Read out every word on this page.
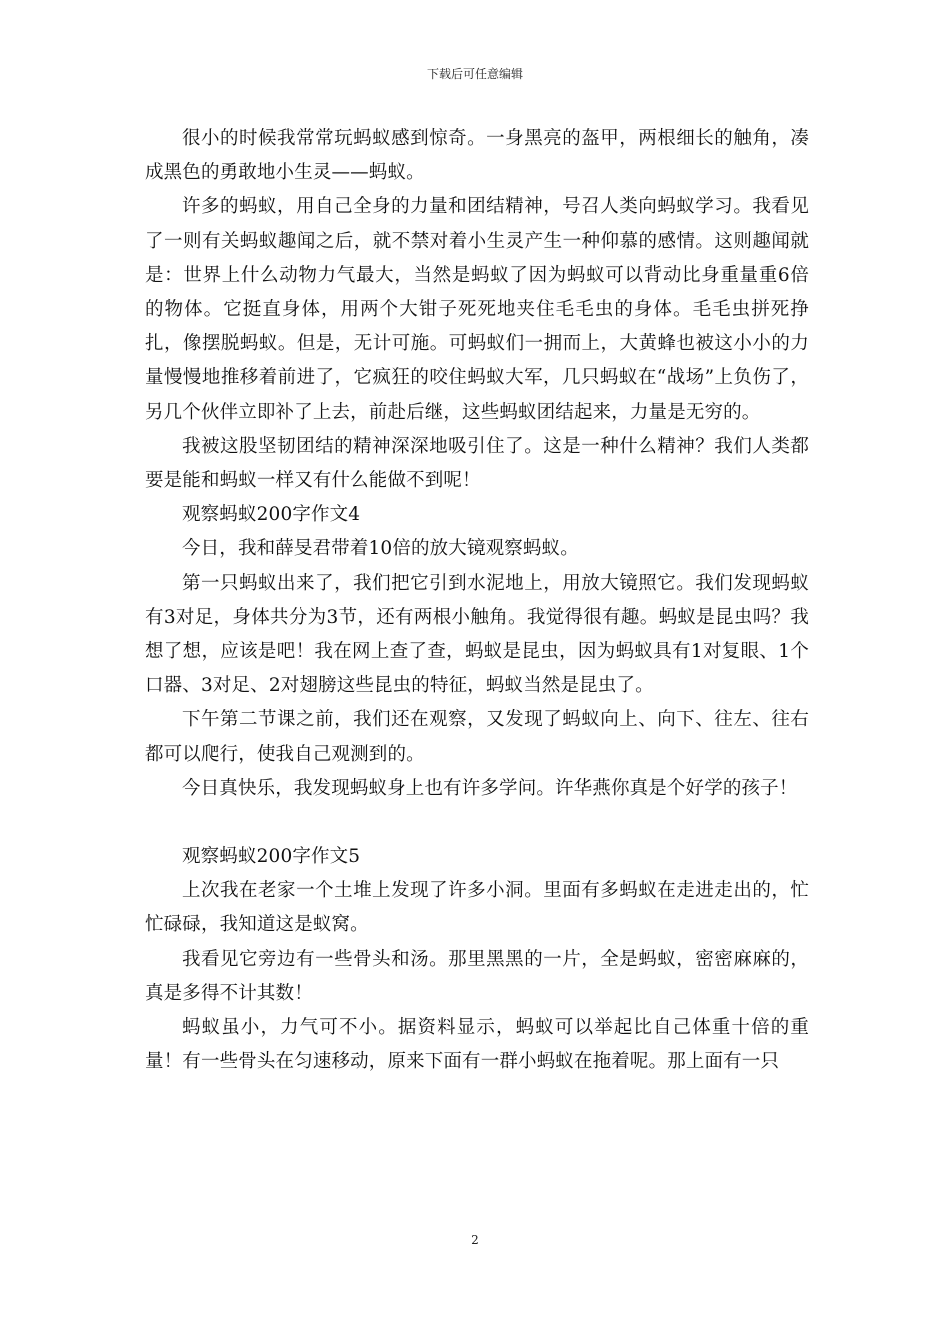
下载后可任意编辑

很小的时候我常常玩蚂蚁感到惊奇。一身黑亮的盔甲，两根细长的触角，凑成黑色的勇敢地小生灵——蚂蚁。

许多的蚂蚁，用自己全身的力量和团结精神，号召人类向蚂蚁学习。我看见了一则有关蚂蚁趣闻之后，就不禁对着小生灵产生一种仰慕的感情。这则趣闻就是：世界上什么动物力气最大，当然是蚂蚁了因为蚂蚁可以背动比身重量重6倍的物体。它挺直身体，用两个大钳子死死地夹住毛毛虫的身体。毛毛虫拼死挣扎，像摆脱蚂蚁。但是，无计可施。可蚂蚁们一拥而上，大黄蜂也被这小小的力量慢慢地推移着前进了，它疯狂的咬住蚂蚁大军，几只蚂蚁在“战场”上负伤了，另几个伙伴立即补了上去，前赴后继，这些蚂蚁团结起来，力量是无穷的。

我被这股坚韧团结的精神深深地吸引住了。这是一种什么精神？我们人类都要是能和蚂蚁一样又有什么能做不到呢！

观察蚂蚁200字作文4

今日，我和薛旻君带着10倍的放大镜观察蚂蚁。

第一只蚂蚁出来了，我们把它引到水泥地上，用放大镜照它。我们发现蚂蚁有3对足，身体共分为3节，还有两根小触角。我觉得很有趣。蚂蚁是昆虫吗？我想了想，应该是吧！我在网上查了查，蚂蚁是昆虫，因为蚂蚁具有1对复眼、1个口器、3对足、2对翅膀这些昆虫的特征，蚂蚁当然是昆虫了。

下午第二节课之前，我们还在观察，又发现了蚂蚁向上、向下、往左、往右都可以爬行，使我自己观测到的。

今日真快乐，我发现蚂蚁身上也有许多学问。许华燕你真是个好学的孩子！

观察蚂蚁200字作文5

上次我在老家一个土堆上发现了许多小洞。里面有多蚂蚁在走进走出的，忙忙碌碌，我知道这是蚁窝。

我看见它旁边有一些骨头和汤。那里黑黑的一片，全是蚂蚁，密密麻麻的，真是多得不计其数！

蚂蚁虽小，力气可不小。据资料显示，蚂蚁可以举起比自己体重十倍的重量！有一些骨头在匀速移动，原来下面有一群小蚂蚁在拖着呢。那上面有一只

2
